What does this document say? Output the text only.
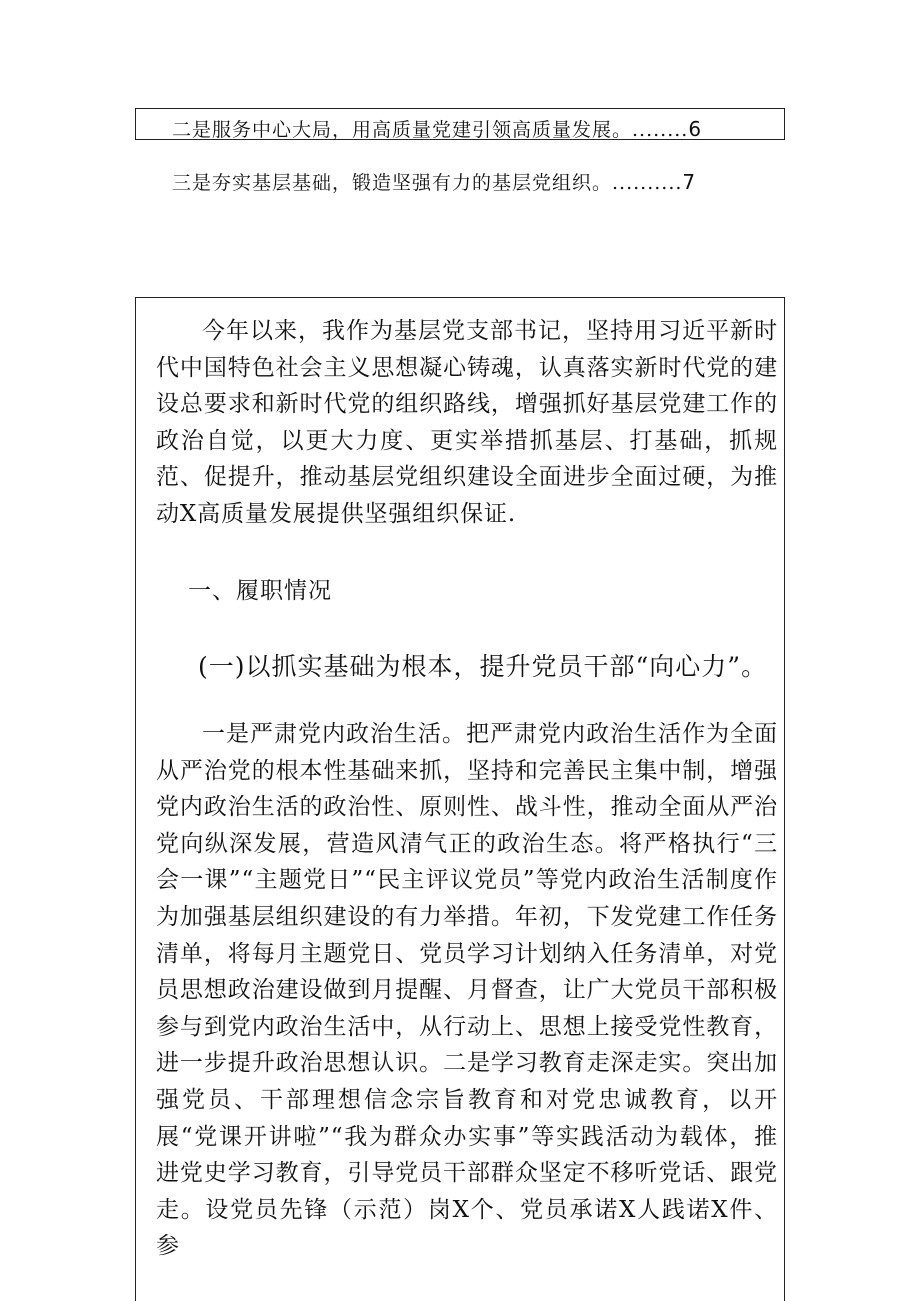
二是服务中心大局，用高质量党建引领高质量发展。........6
三是夯实基层基础，锻造坚强有力的基层党组织。..........7

今年以来，我作为基层党支部书记，坚持用习近平新时代中国特色社会主义思想凝心铸魂，认真落实新时代党的建设总要求和新时代党的组织路线，增强抓好基层党建工作的政治自觉，以更大力度、更实举措抓基层、打基础，抓规范、促提升，推动基层党组织建设全面进步全面过硬，为推动X高质量发展提供坚强组织保证.

一、履职情况
(一)以抓实基础为根本，提升党员干部“向心力”。

一是严肃党内政治生活。把严肃党内政治生活作为全面从严治党的根本性基础来抓，坚持和完善民主集中制，增强党内政治生活的政治性、原则性、战斗性，推动全面从严治党向纵深发展，营造风清气正的政治生态。将严格执行“三会一课”“主题党日”“民主评议党员”等党内政治生活制度作为加强基层组织建设的有力举措。年初，下发党建工作任务清单，将每月主题党日、党员学习计划纳入任务清单，对党员思想政治建设做到月提醒、月督查，让广大党员干部积极参与到党内政治生活中，从行动上、思想上接受党性教育，进一步提升政治思想认识。二是学习教育走深走实。突出加强党员、干部理想信念宗旨教育和对党忠诚教育，以开展“党课开讲啦”“我为群众办实事”等实践活动为载体，推进党史学习教育，引导党员干部群众坚定不移听党话、跟党走。设党员先锋（示范）岗X个、党员承诺X人践诺X件、参
